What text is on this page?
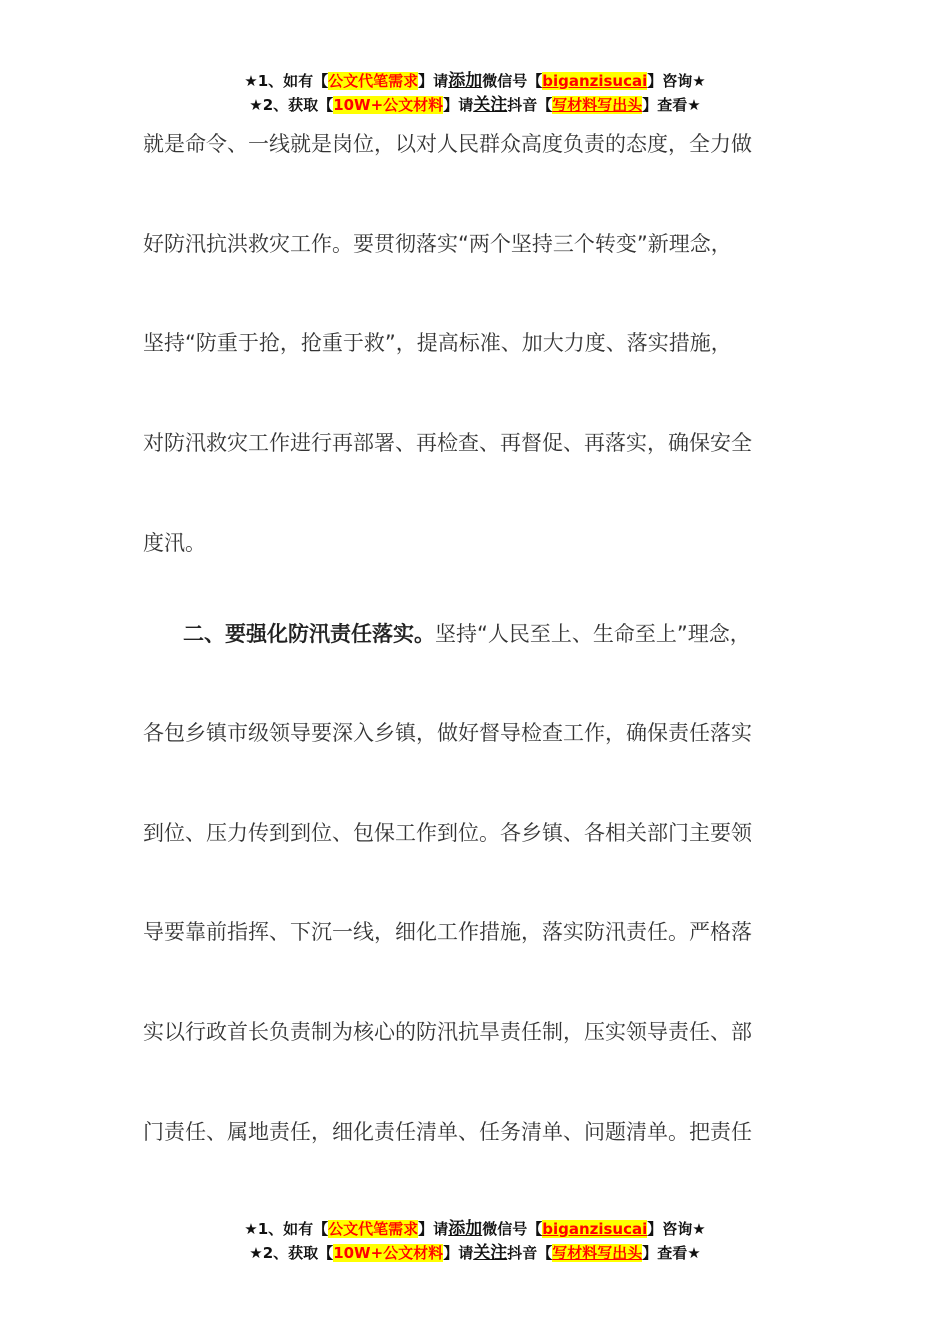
★1、如有【公文代笔需求】请添加微信号【biganzisucai】咨询★
★2、获取【10W+公文材料】请关注抖音【写材料写出头】查看★
就是命令、一线就是岗位，以对人民群众高度负责的态度，全力做
好防汛抗洪救灾工作。要贯彻落实“两个坚持三个转变”新理念，
坚持“防重于抢，抢重于救”，提高标准、加大力度、落实措施，
对防汛救灾工作进行再部署、再检查、再督促、再落实，确保安全
度汛。
二、要强化防汛责任落实。坚持“人民至上、生命至上”理念，
各包乡镇市级领导要深入乡镇，做好督导检查工作，确保责任落实
到位、压力传到到位、包保工作到位。各乡镇、各相关部门主要领
导要靠前指挥、下沉一线，细化工作措施，落实防汛责任。严格落
实以行政首长负责制为核心的防汛抗旱责任制，压实领导责任、部
门责任、属地责任，细化责任清单、任务清单、问题清单。把责任
★1、如有【公文代笔需求】请添加微信号【biganzisucai】咨询★
★2、获取【10W+公文材料】请关注抖音【写材料写出头】查看★
